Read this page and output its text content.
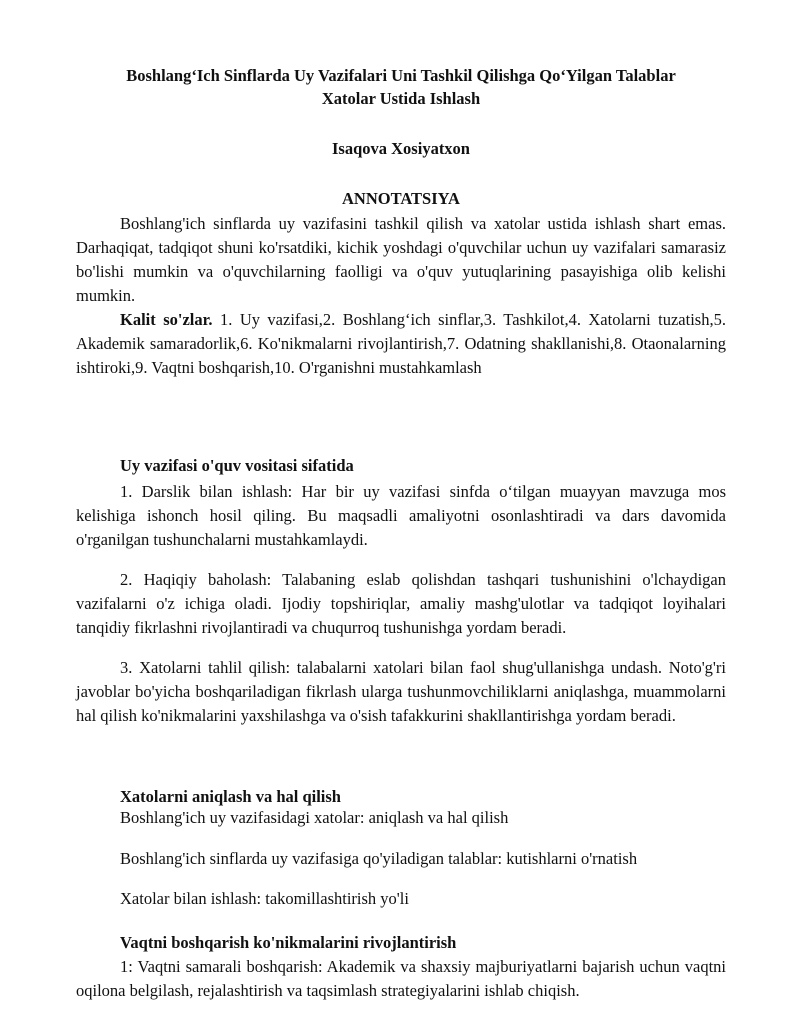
Boshlang‘Ich Sinflarda Uy Vazifalari Uni Tashkil Qilishga Qo‘Yilgan Talablar
Xatolar Ustida Ishlash
Isaqova Xosiyatxon
ANNOTATSIYA

Boshlang'ich sinflarda uy vazifasini tashkil qilish va xatolar ustida ishlash shart emas. Darhaqiqat, tadqiqot shuni ko'rsatdiki, kichik yoshdagi o'quvchilar uchun uy vazifalari samarasiz bo'lishi mumkin va o'quvchilarning faolligi va o'quv yutuqlarining pasayishiga olib kelishi mumkin.

Kalit so'zlar. 1. Uy vazifasi,2. Boshlang‘ich sinflar,3. Tashkilot,4. Xatolarni tuzatish,5. Akademik samaradorlik,6. Ko'nikmalarni rivojlantirish,7. Odatning shakllanishi,8. Otaonalarning ishtiroki,9. Vaqtni boshqarish,10. O'rganishni mustahkamlash

Uy vazifasi o'quv vositasi sifatida

1. Darslik bilan ishlash: Har bir uy vazifasi sinfda o‘tilgan muayyan mavzuga mos kelishiga ishonch hosil qiling. Bu maqsadli amaliyotni osonlashtiradi va dars davomida o'rganilgan tushunchalarni mustahkamlaydi.

2. Haqiqiy baholash: Talabaning eslab qolishdan tashqari tushunishini o'lchaydigan vazifalarni o'z ichiga oladi. Ijodiy topshiriqlar, amaliy mashg'ulotlar va tadqiqot loyihalari tanqidiy fikrlashni rivojlantiradi va chuqurroq tushunishga yordam beradi.

3. Xatolarni tahlil qilish: talabalarni xatolari bilan faol shug'ullanishga undash. Noto'g'ri javoblar bo'yicha boshqariladigan fikrlash ularga tushunmovchiliklarni aniqlashga, muammolarni hal qilish ko'nikmalarini yaxshilashga va o'sish tafakkurini shakllantirishga yordam beradi.

Xatolarni aniqlash va hal qilish
Boshlang'ich uy vazifasidagi xatolar: aniqlash va hal qilish
Boshlang'ich sinflarda uy vazifasiga qo'yiladigan talablar: kutishlarni o'rnatish
Xatolar bilan ishlash: takomillashtirish yo'li
Vaqtni boshqarish ko'nikmalarini rivojlantirish

1: Vaqtni samarali boshqarish: Akademik va shaxsiy majburiyatlarni bajarish uchun vaqtni oqilona belgilash, rejalashtirish va taqsimlash strategiyalarini ishlab chiqish.
